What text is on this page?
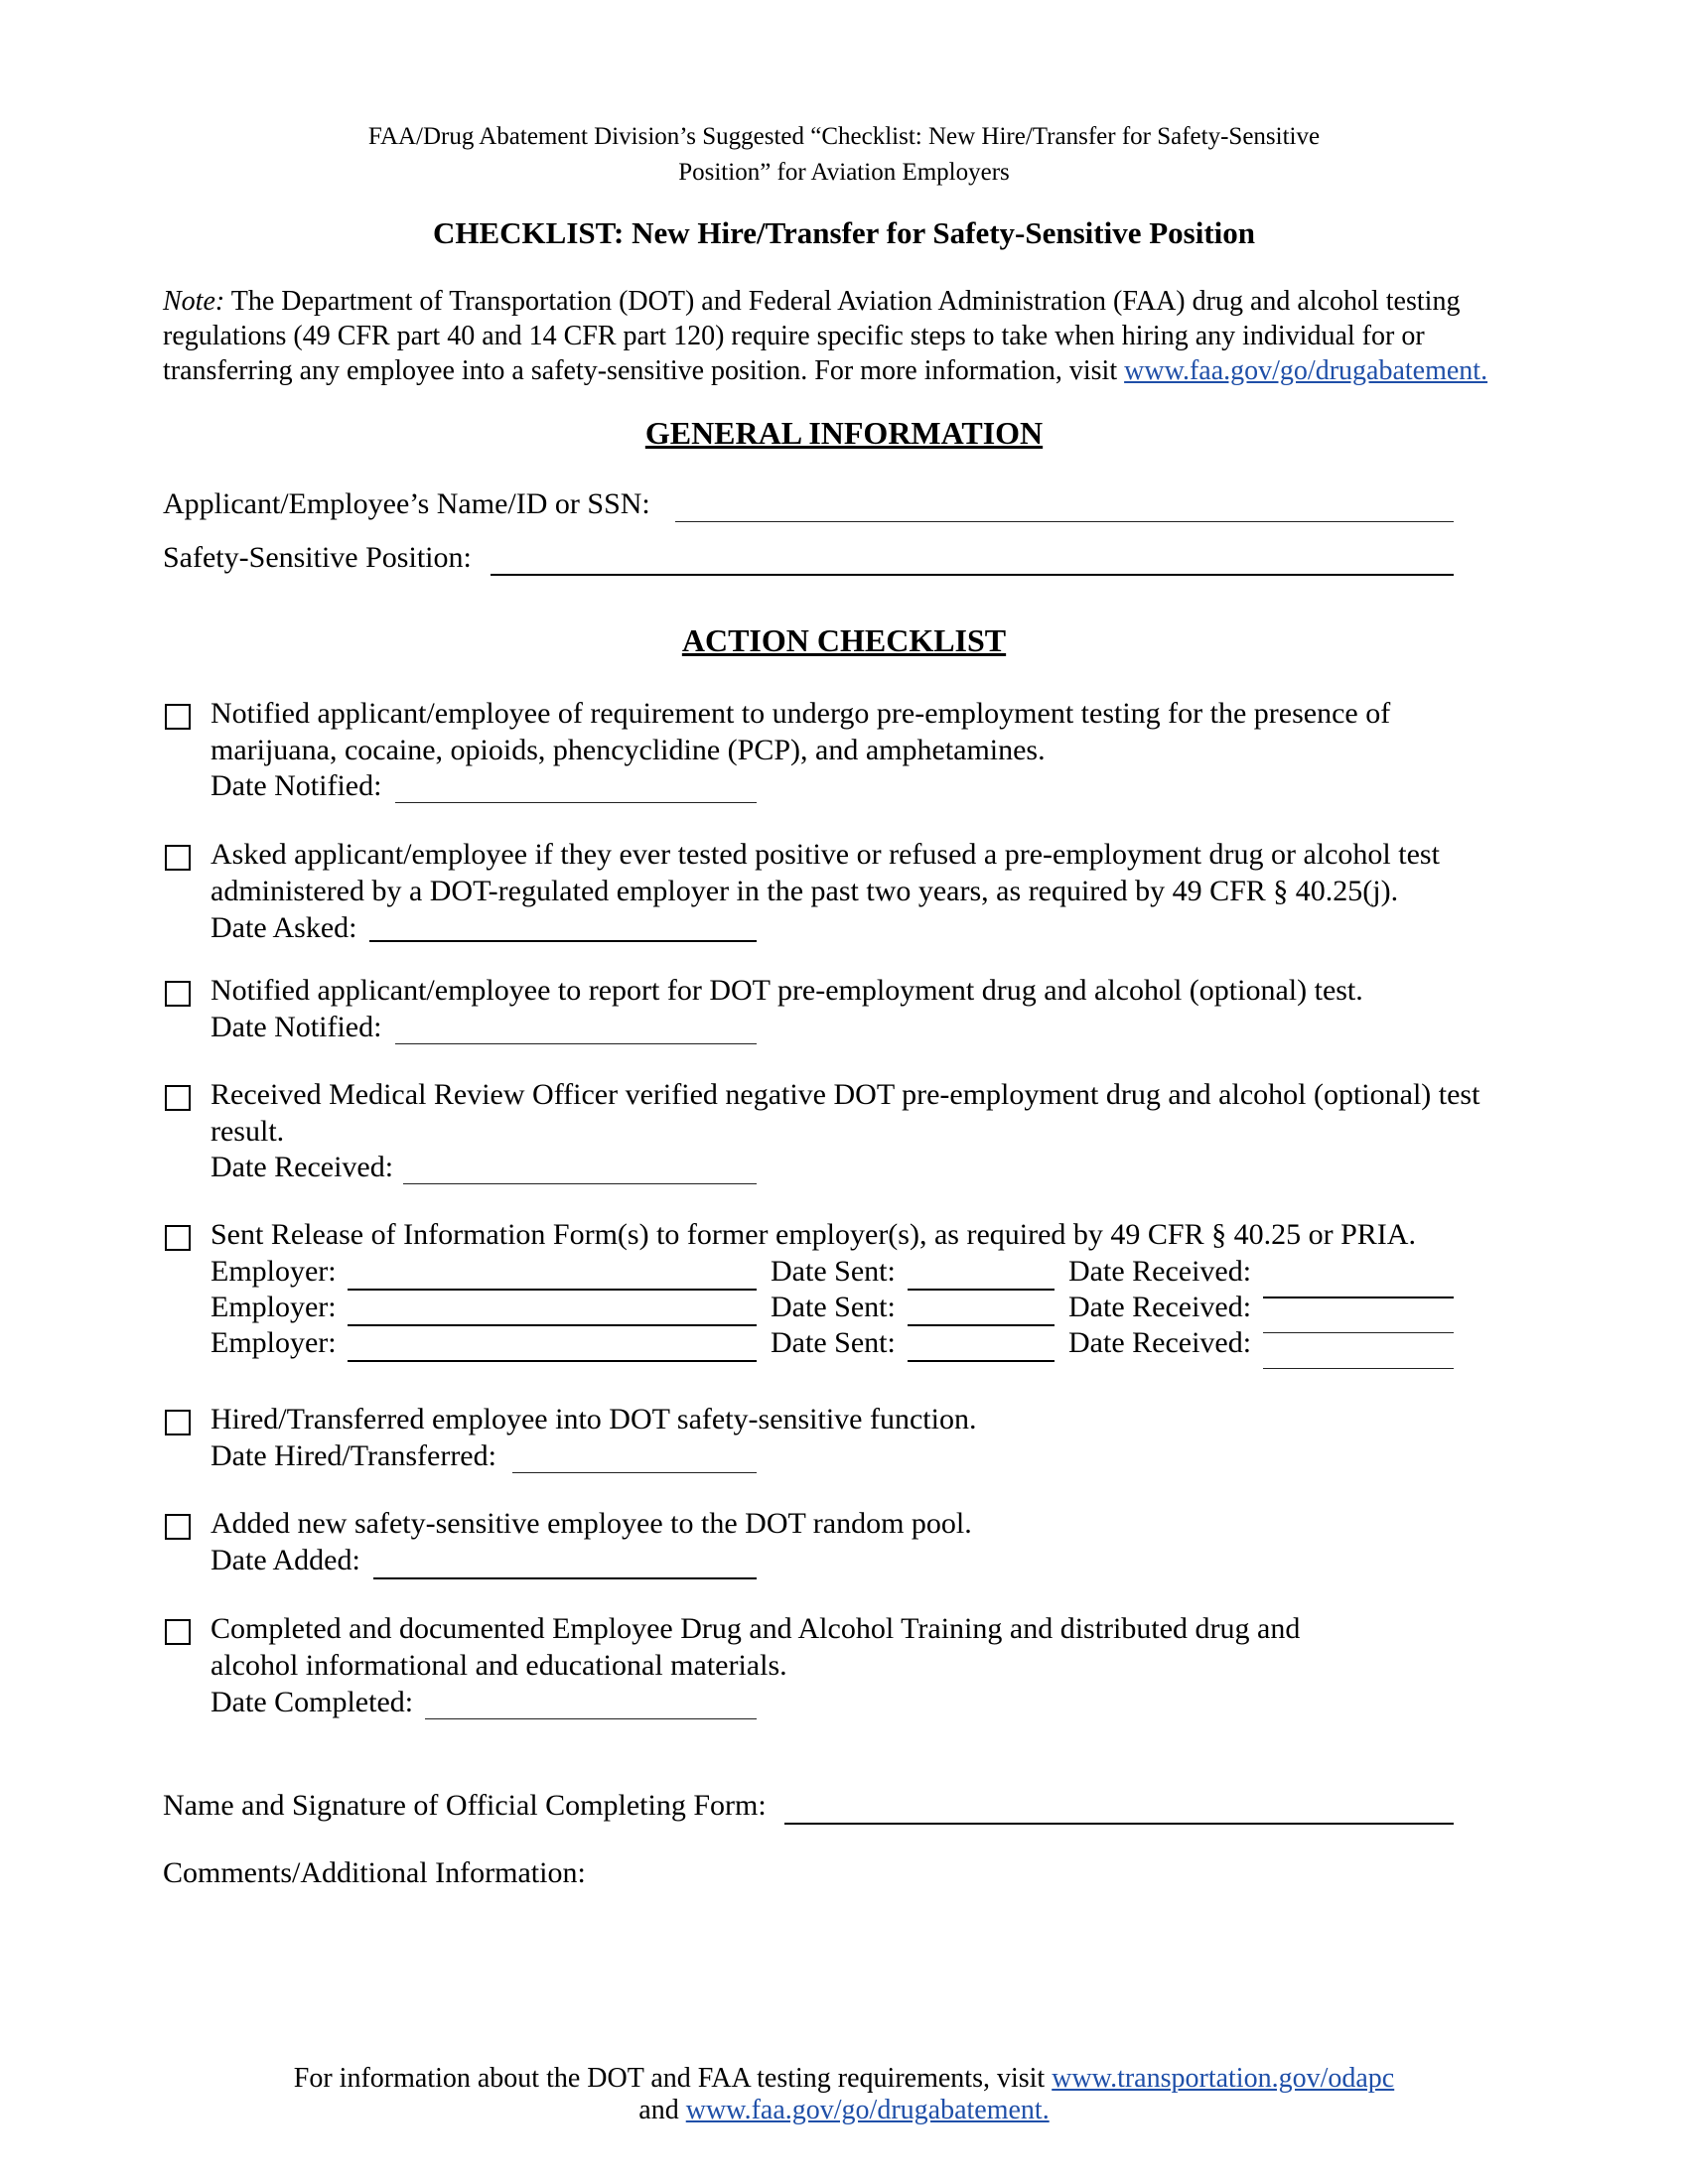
FAA/Drug Abatement Division’s Suggested “Checklist: New Hire/Transfer for Safety-Sensitive
Position” for Aviation Employers
CHECKLIST: New Hire/Transfer for Safety-Sensitive Position
Note: The Department of Transportation (DOT) and Federal Aviation Administration (FAA) drug and alcohol testing
regulations (49 CFR part 40 and 14 CFR part 120) require specific steps to take when hiring any individual for or
transferring any employee into a safety-sensitive position. For more information, visit www.faa.gov/go/drugabatement.
GENERAL INFORMATION
Applicant/Employee’s Name/ID or SSN:
Safety-Sensitive Position:
ACTION CHECKLIST
Notified applicant/employee of requirement to undergo pre-employment testing for the presence of marijuana, cocaine, opioids, phencyclidine (PCP), and amphetamines.
Date Notified:
Asked applicant/employee if they ever tested positive or refused a pre-employment drug or alcohol test administered by a DOT-regulated employer in the past two years, as required by 49 CFR § 40.25(j). Date Asked:
Notified applicant/employee to report for DOT pre-employment drug and alcohol (optional) test.
Date Notified:
Received Medical Review Officer verified negative DOT pre-employment drug and alcohol (optional) test result.
Date Received:
Sent Release of Information Form(s) to former employer(s), as required by 49 CFR § 40.25 or PRIA.
Employer:	Date Sent:	Date Received:
Employer:	Date Sent:	Date Received:
Employer:	Date Sent:	Date Received:
Hired/Transferred employee into DOT safety-sensitive function.
Date Hired/Transferred:
Added new safety-sensitive employee to the DOT random pool.
Date Added:
Completed and documented Employee Drug and Alcohol Training and distributed drug and alcohol informational and educational materials.
Date Completed:
Name and Signature of Official Completing Form:
Comments/Additional Information:
For information about the DOT and FAA testing requirements, visit www.transportation.gov/odapc
and www.faa.gov/go/drugabatement.
